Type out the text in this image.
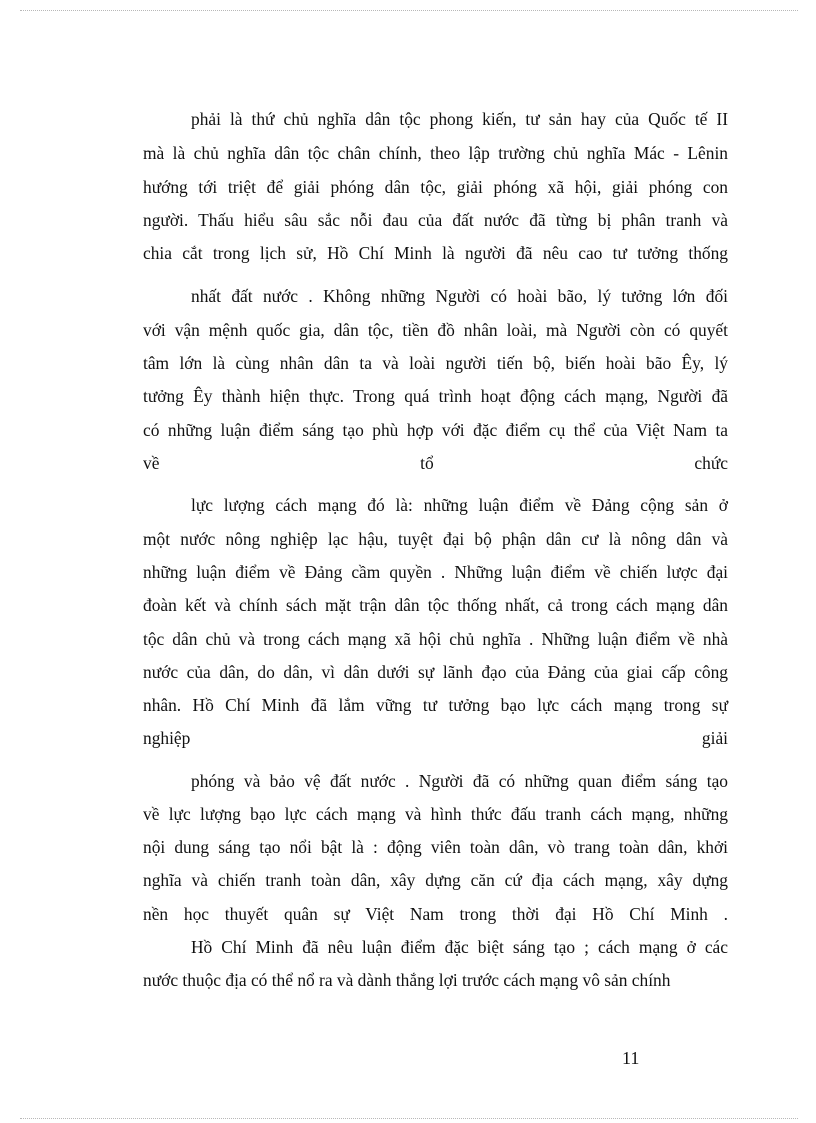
phải là thứ chủ nghĩa dân tộc phong kiến, tư sản hay của Quốc tế II
mà là chủ nghĩa dân tộc chân chính, theo lập trường chủ nghĩa Mác - Lênin
hướng tới triệt để giải phóng dân tộc, giải phóng xã hội, giải phóng con
người. Thấu hiểu sâu sắc nỗi đau của đất nước đã từng bị phân tranh và
chia cắt trong lịch sử, Hồ Chí Minh là người đã nêu cao tư tưởng thống
nhất đất nước . Không những Người có hoài bão, lý tưởng lớn đối
với vận mệnh quốc gia, dân tộc, tiền đồ nhân loài, mà Người còn có quyết
tâm lớn là cùng nhân dân ta và loài người tiến bộ, biến hoài bão Êy, lý
tưởng Êy thành hiện thực. Trong quá trình hoạt động cách mạng, Người đã
có những luận điểm sáng tạo phù hợp với đặc điểm cụ thể của Việt Nam ta
về tổ chức
lực lượng cách mạng đó là: những luận điểm về Đảng cộng sản ở
một nước nông nghiệp lạc hậu, tuyệt đại bộ phận dân cư là nông dân và
những luận điểm về Đảng cầm quyền . Những luận điểm về chiến lược đại
đoàn kết và chính sách mặt trận dân tộc thống nhất, cả trong cách mạng dân
tộc dân chủ và trong cách mạng xã hội chủ nghĩa . Những luận điểm về nhà
nước của dân, do dân, vì dân dưới sự lãnh đạo của Đảng của giai cấp công
nhân. Hồ Chí Minh đã lắm vững tư tưởng bạo lực cách mạng trong sự
nghiệp giải
phóng và bảo vệ đất nước . Người đã có những quan điểm sáng tạo
về lực lượng bạo lực cách mạng và hình thức đấu tranh cách mạng, những
nội dung sáng tạo nổi bật là : động viên toàn dân, vò trang toàn dân, khởi
nghĩa và chiến tranh toàn dân, xây dựng căn cứ địa cách mạng, xây dựng
nền học thuyết quân sự Việt Nam trong thời đại Hồ Chí Minh .
Hồ Chí Minh đã nêu luận điểm đặc biệt sáng tạo ; cách mạng ở các
nước thuộc địa có thể nổ ra và dành thắng lợi trước cách mạng vô sản chính
11
